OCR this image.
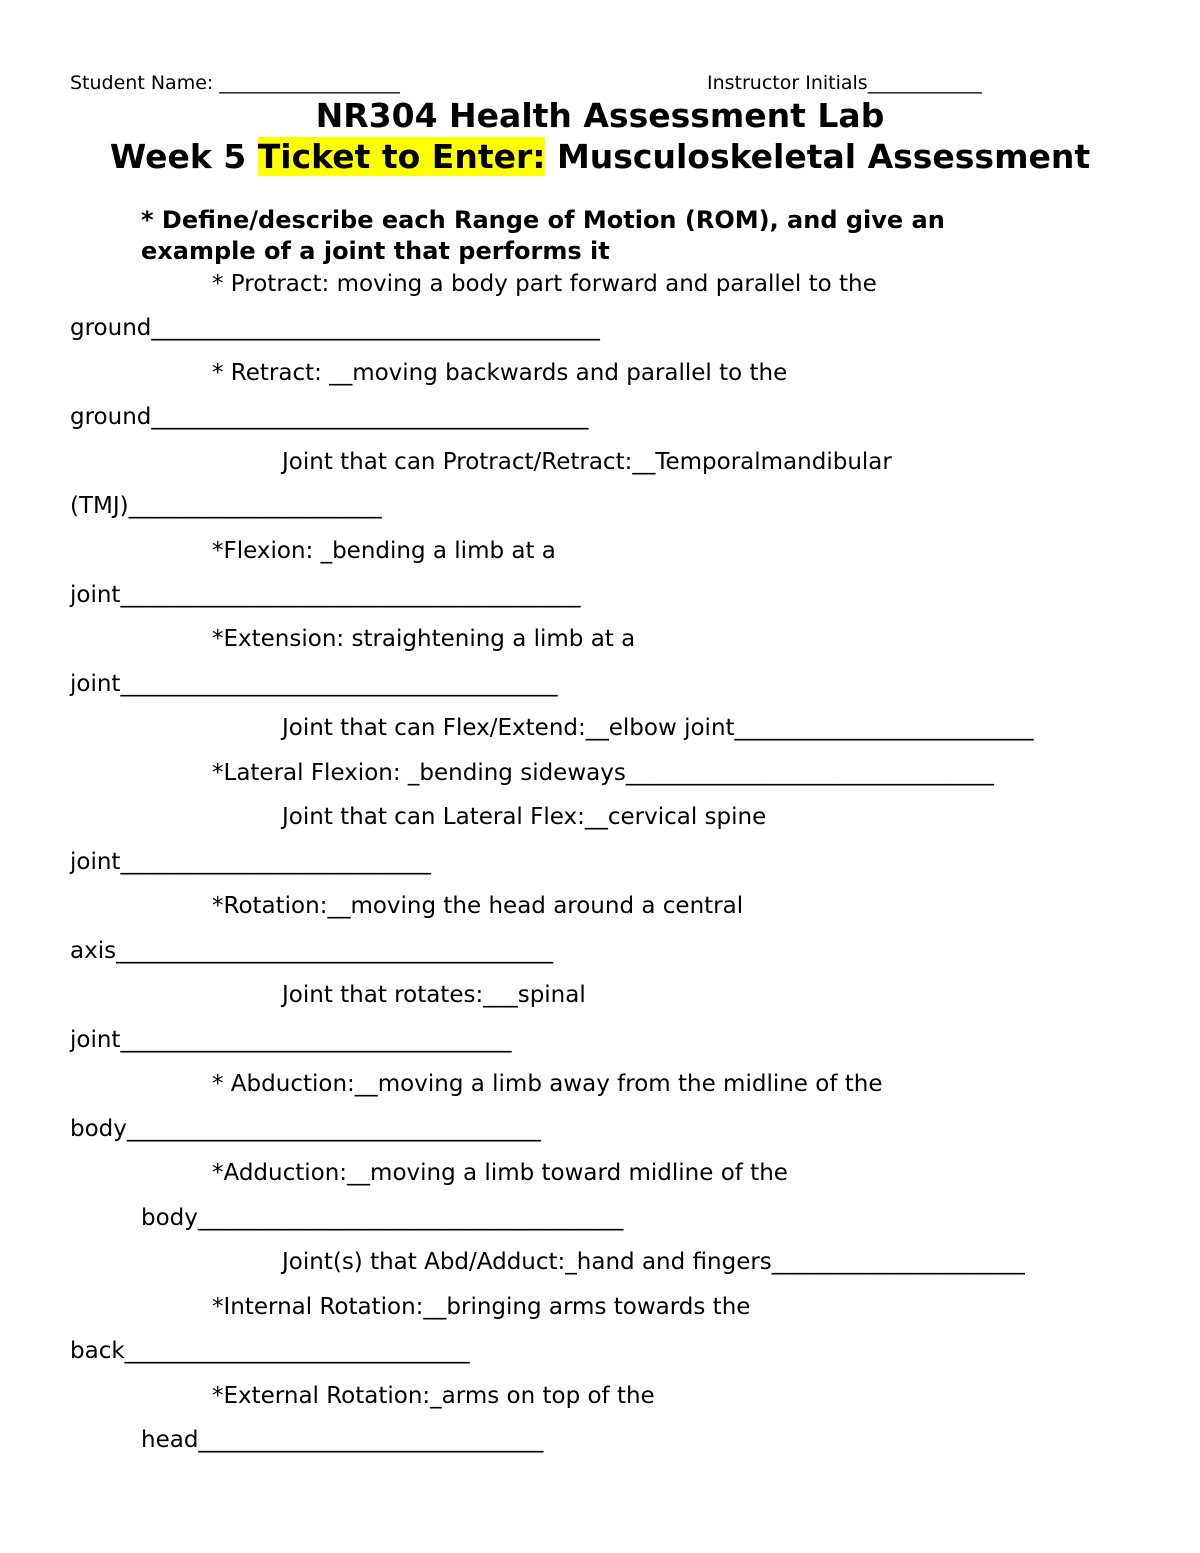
Student Name: ___________________	Instructor Initials____________
NR304 Health Assessment Lab
Week 5 Ticket to Enter: Musculoskeletal Assessment
* Define/describe each Range of Motion (ROM), and give an
example of a joint that performs it
* Protract: moving a body part forward and parallel to the
ground_______________________________________
* Retract: __moving backwards and parallel to the
ground______________________________________
Joint that can Protract/Retract:__Temporalmandibular
(TMJ)______________________
*Flexion: _bending a limb at a
joint________________________________________
*Extension: straightening a limb at a
joint______________________________________
Joint that can Flex/Extend:__elbow joint__________________________
*Lateral Flexion: _bending sideways________________________________
Joint that can Lateral Flex:__cervical spine
joint___________________________
*Rotation:__moving the head around a central
axis______________________________________
Joint that rotates:___spinal
joint__________________________________
* Abduction:__moving a limb away from the midline of the
body____________________________________
*Adduction:__moving a limb toward midline of the
body_____________________________________
Joint(s) that Abd/Adduct:_hand and fingers______________________
*Internal Rotation:__bringing arms towards the
back______________________________
*External Rotation:_arms on top of the
head______________________________
